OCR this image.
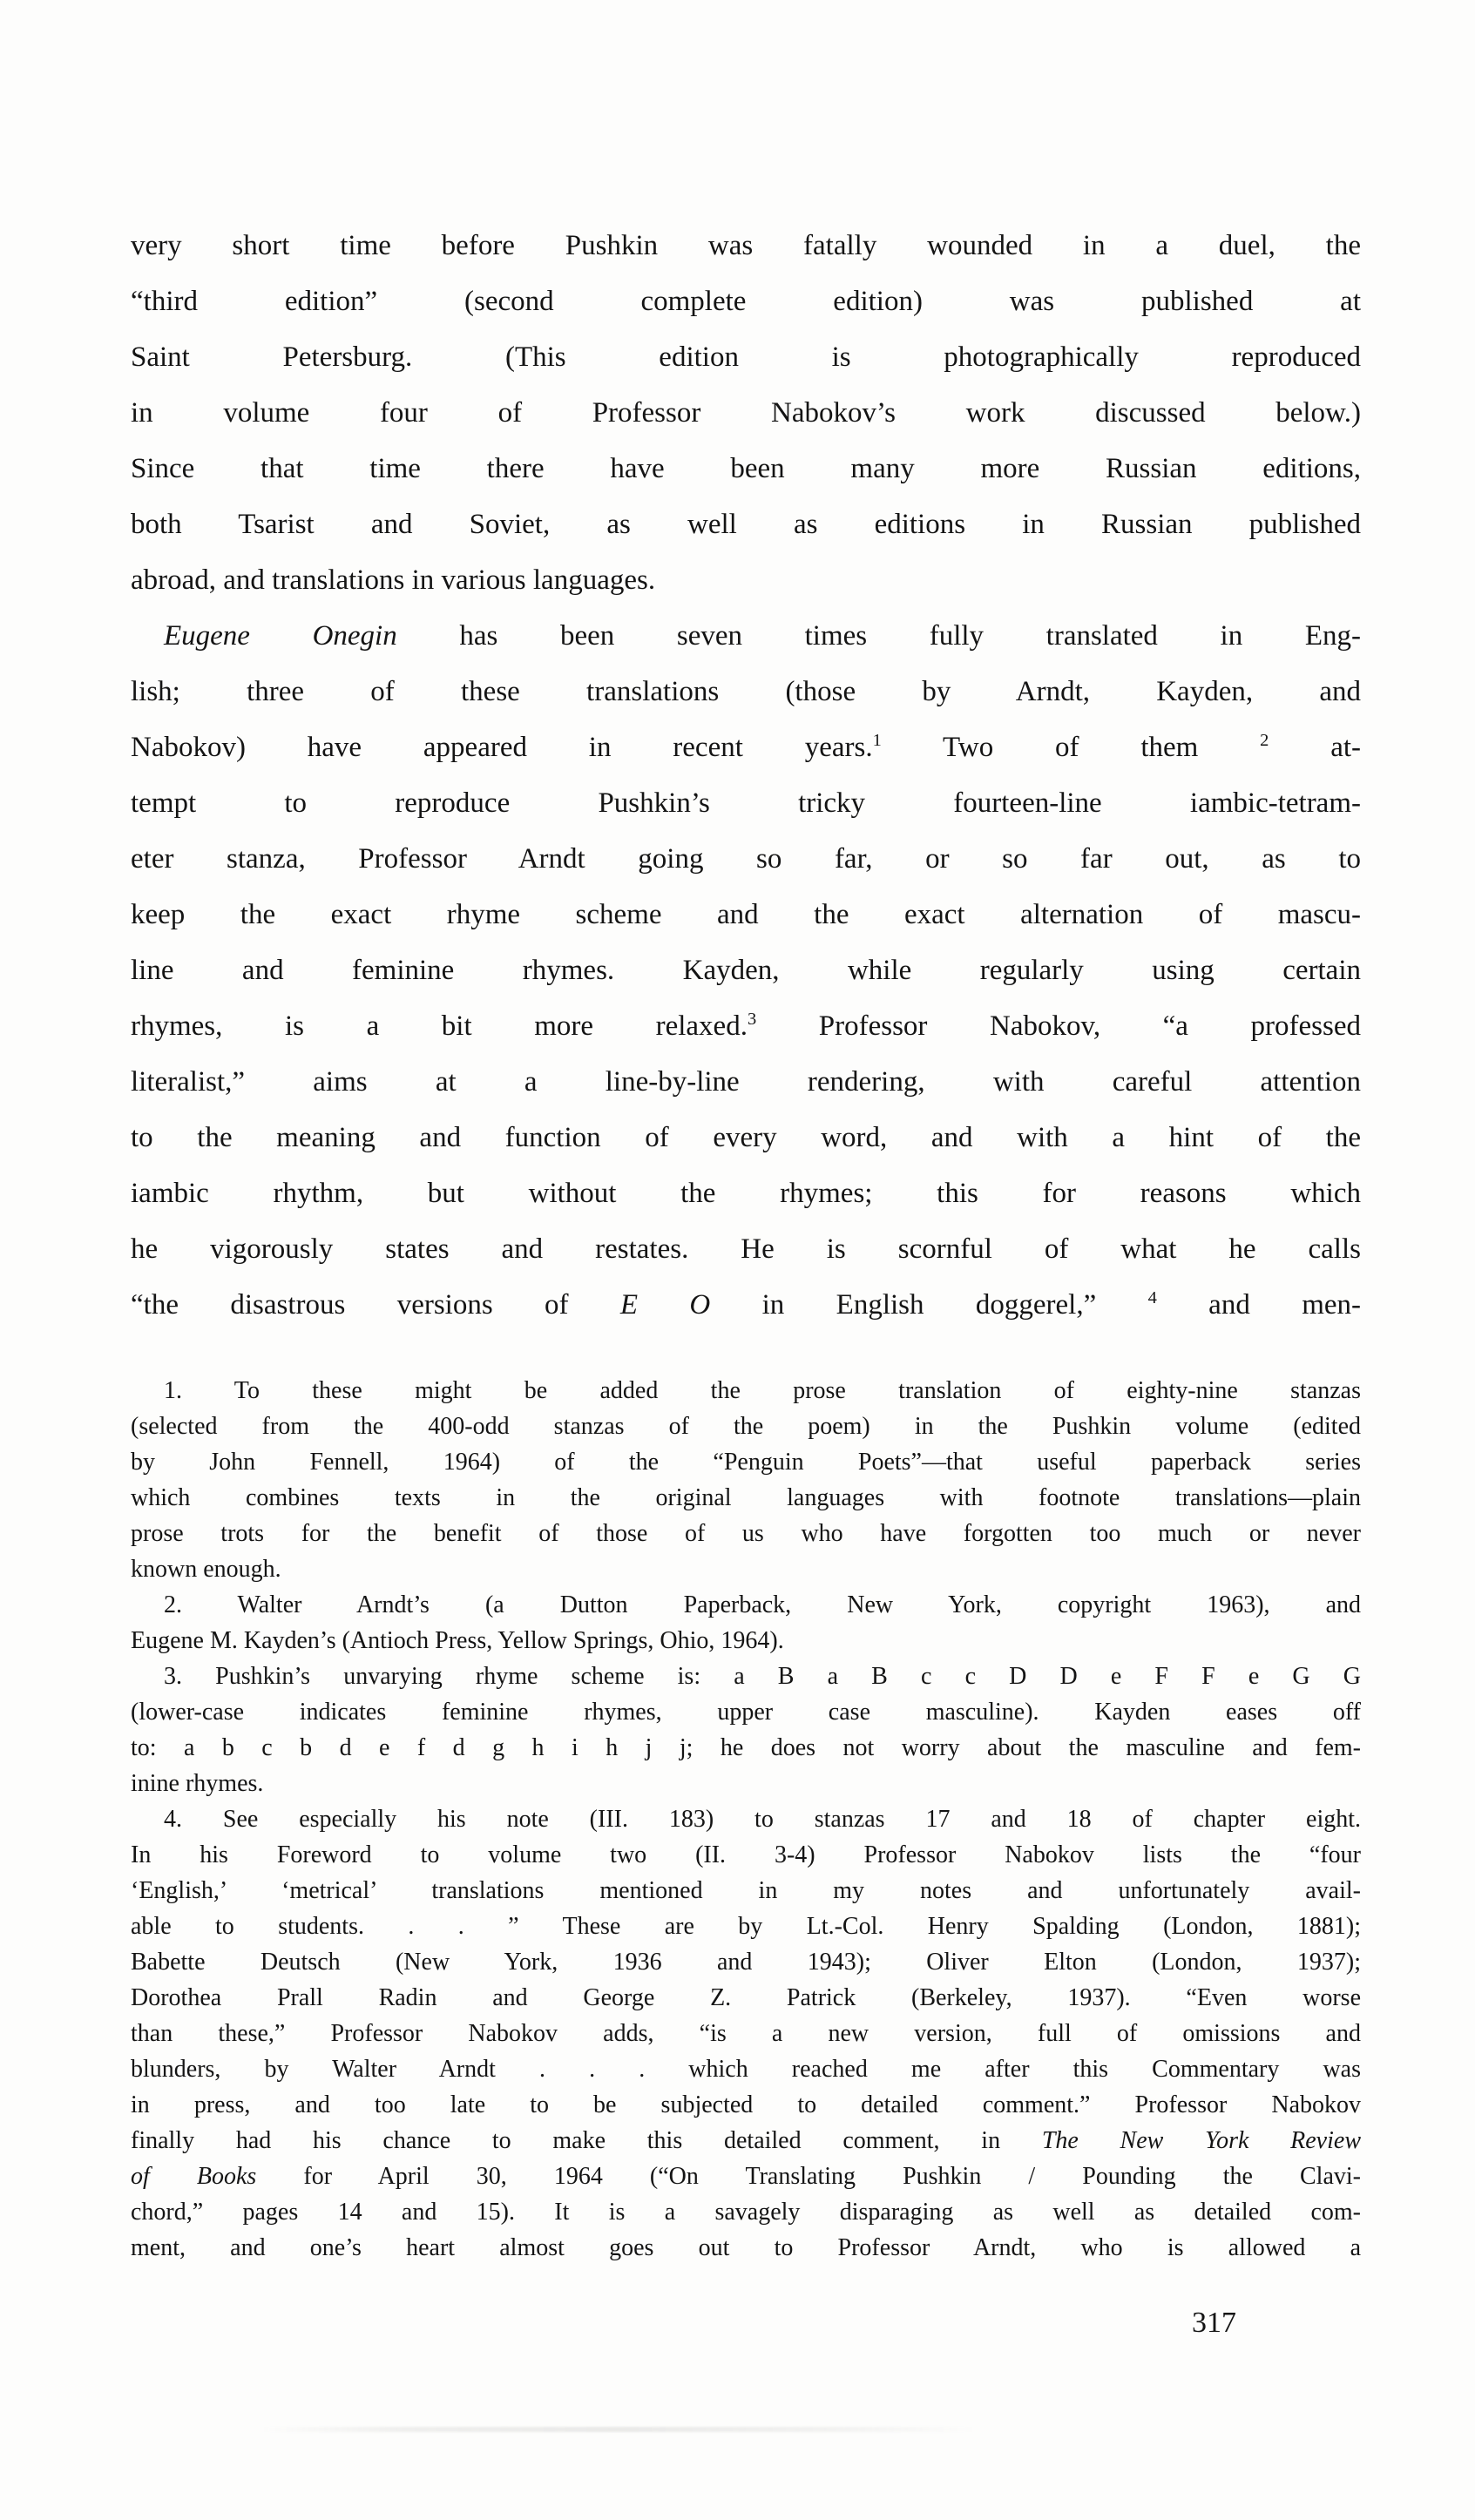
very short time before Pushkin was fatally wounded in a duel, the
“third edition” (second complete edition) was published at
Saint Petersburg. (This edition is photographically reproduced
in volume four of Professor Nabokov’s work discussed below.)
Since that time there have been many more Russian editions,
both Tsarist and Soviet, as well as editions in Russian published
abroad, and translations in various languages.
Eugene Onegin has been seven times fully translated in Eng-
lish; three of these translations (those by Arndt, Kayden, and
Nabokov) have appeared in recent years.$^1$ Two of them $^2$ at-
tempt to reproduce Pushkin’s tricky fourteen-line iambic-tetram-
eter stanza, Professor Arndt going so far, or so far out, as to
keep the exact rhyme scheme and the exact alternation of mascu-
line and feminine rhymes. Kayden, while regularly using certain
rhymes, is a bit more relaxed.$^3$ Professor Nabokov, “a professed
literalist,” aims at a line-by-line rendering, with careful attention
to the meaning and function of every word, and with a hint of the
iambic rhythm, but without the rhymes; this for reasons which
he vigorously states and restates. He is scornful of what he calls
“the disastrous versions of E O in English doggerel,” $^4$ and men-
1. To these might be added the prose translation of eighty-nine stanzas
(selected from the 400-odd stanzas of the poem) in the Pushkin volume (edited
by John Fennell, 1964) of the “Penguin Poets”—that useful paperback series
which combines texts in the original languages with footnote translations—plain
prose trots for the benefit of those of us who have forgotten too much or never
known enough.
2. Walter Arndt’s (a Dutton Paperback, New York, copyright 1963), and
Eugene M. Kayden’s (Antioch Press, Yellow Springs, Ohio, 1964).
3. Pushkin’s unvarying rhyme scheme is: a B a B c c D D e F F e G G
(lower-case indicates feminine rhymes, upper case masculine). Kayden eases off
to: a b c b d e f d g h i h j j; he does not worry about the masculine and fem-
inine rhymes.
4. See especially his note (III. 183) to stanzas 17 and 18 of chapter eight.
In his Foreword to volume two (II. 3-4) Professor Nabokov lists the “four
‘English,’ ‘metrical’ translations mentioned in my notes and unfortunately avail-
able to students. . . ” These are by Lt.-Col. Henry Spalding (London, 1881);
Babette Deutsch (New York, 1936 and 1943); Oliver Elton (London, 1937);
Dorothea Prall Radin and George Z. Patrick (Berkeley, 1937). “Even worse
than these,” Professor Nabokov adds, “is a new version, full of omissions and
blunders, by Walter Arndt . . . which reached me after this Commentary was
in press, and too late to be subjected to detailed comment.” Professor Nabokov
finally had his chance to make this detailed comment, in The New York Review
of Books for April 30, 1964 (“On Translating Pushkin / Pounding the Clavi-
chord,” pages 14 and 15). It is a savagely disparaging as well as detailed com-
ment, and one’s heart almost goes out to Professor Arndt, who is allowed a
317
